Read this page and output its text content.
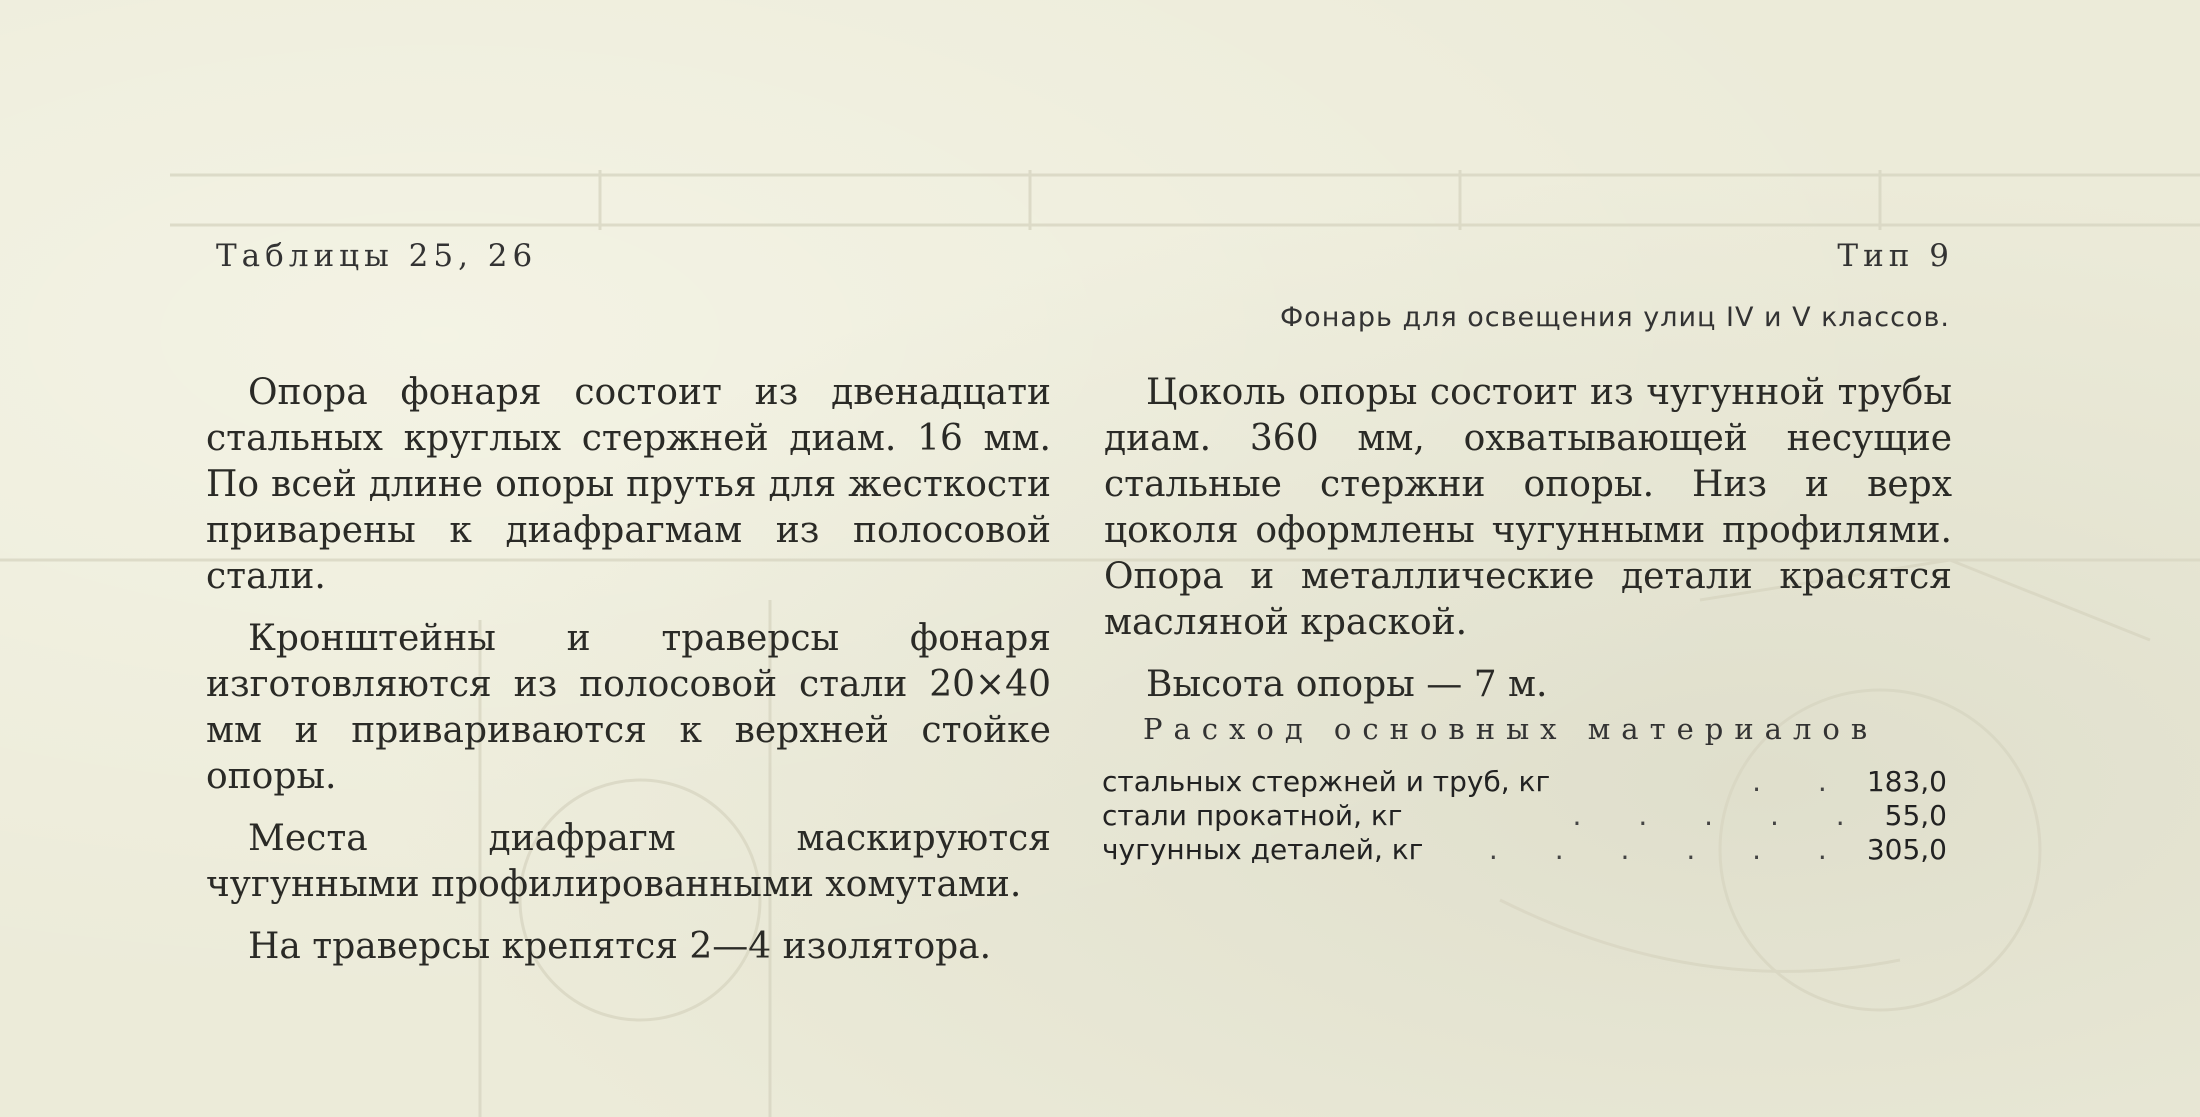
Таблицы 25, 26	Тип 9
Фонарь для освещения улиц IV и V классов.

Опора фонаря состоит из двенадцати стальных круглых стержней диам. 16 мм. По всей длине опоры прутья для жесткости приварены к диафрагмам из полосовой стали.

Кронштейны и траверсы фонаря изготовляются из полосовой стали 20×40 мм и привариваются к верхней стойке опоры.

Места диафрагм маскируются чугунными профилированными хомутами.

На траверсы крепятся 2—4 изолятора.

Цоколь опоры состоит из чугунной трубы диам. 360 мм, охватывающей несущие стальные стержни опоры. Низ и верх цоколя оформлены чугунными профилями. Опора и металлические детали красятся масляной краской.

Высота опоры — 7 м.

Расход основных материалов
стальных стержней и труб, кг	. . 183,0
стали прокатной, кг	. . . . . 55,0
чугунных деталей, кг	. . . . . . 305,0
